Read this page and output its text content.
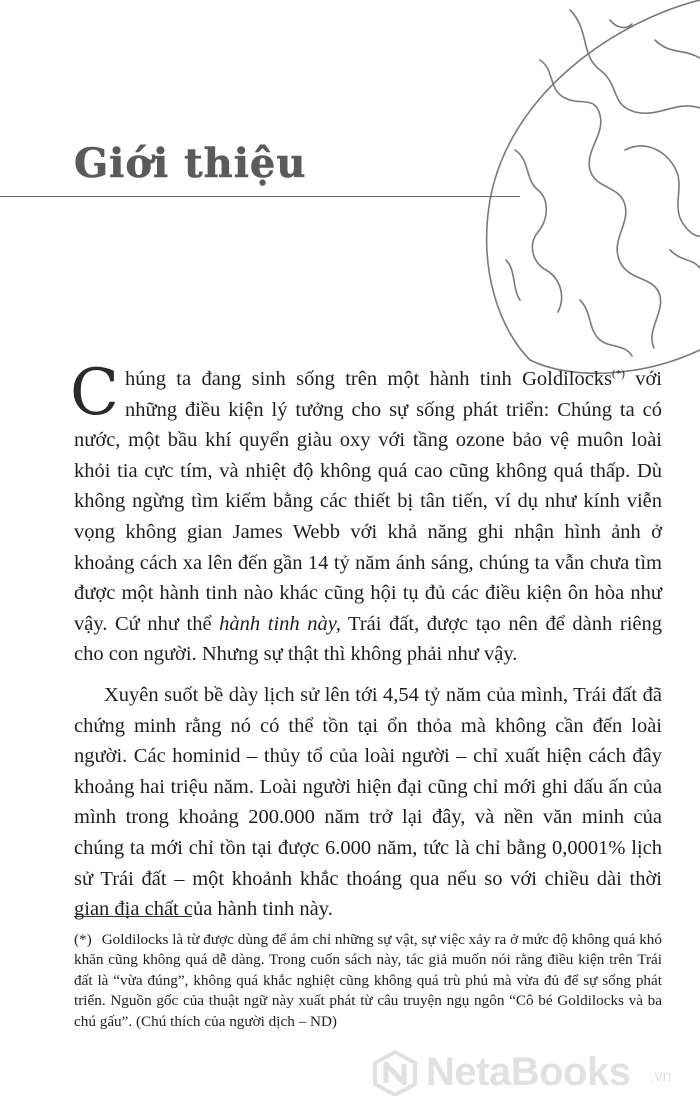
Giới thiệu

Chúng ta đang sinh sống trên một hành tinh Goldilocks(*) với những điều kiện lý tưởng cho sự sống phát triển: Chúng ta có nước, một bầu khí quyển giàu oxy với tầng ozone bảo vệ muôn loài khỏi tia cực tím, và nhiệt độ không quá cao cũng không quá thấp. Dù không ngừng tìm kiếm bằng các thiết bị tân tiến, ví dụ như kính viễn vọng không gian James Webb với khả năng ghi nhận hình ảnh ở khoảng cách xa lên đến gần 14 tỷ năm ánh sáng, chúng ta vẫn chưa tìm được một hành tinh nào khác cũng hội tụ đủ các điều kiện ôn hòa như vậy. Cứ như thể hành tinh này, Trái đất, được tạo nên để dành riêng cho con người. Nhưng sự thật thì không phải như vậy.

Xuyên suốt bề dày lịch sử lên tới 4,54 tỷ năm của mình, Trái đất đã chứng minh rằng nó có thể tồn tại ổn thỏa mà không cần đến loài người. Các hominid – thủy tổ của loài người – chỉ xuất hiện cách đây khoảng hai triệu năm. Loài người hiện đại cũng chỉ mới ghi dấu ấn của mình trong khoảng 200.000 năm trở lại đây, và nền văn minh của chúng ta mới chỉ tồn tại được 6.000 năm, tức là chỉ bằng 0,0001% lịch sử Trái đất – một khoảnh khắc thoáng qua nếu so với chiều dài thời gian địa chất của hành tinh này.

(*) Goldilocks là từ được dùng để ám chỉ những sự vật, sự việc xảy ra ở mức độ không quá khó khăn cũng không quá dễ dàng. Trong cuốn sách này, tác giả muốn nói rằng điều kiện trên Trái đất là “vừa đúng”, không quá khắc nghiệt cũng không quá trù phú mà vừa đủ để sự sống phát triển. Nguồn gốc của thuật ngữ này xuất phát từ câu truyện ngụ ngôn “Cô bé Goldilocks và ba chú gấu”. (Chú thích của người dịch – ND)
NetaBooks .vn
